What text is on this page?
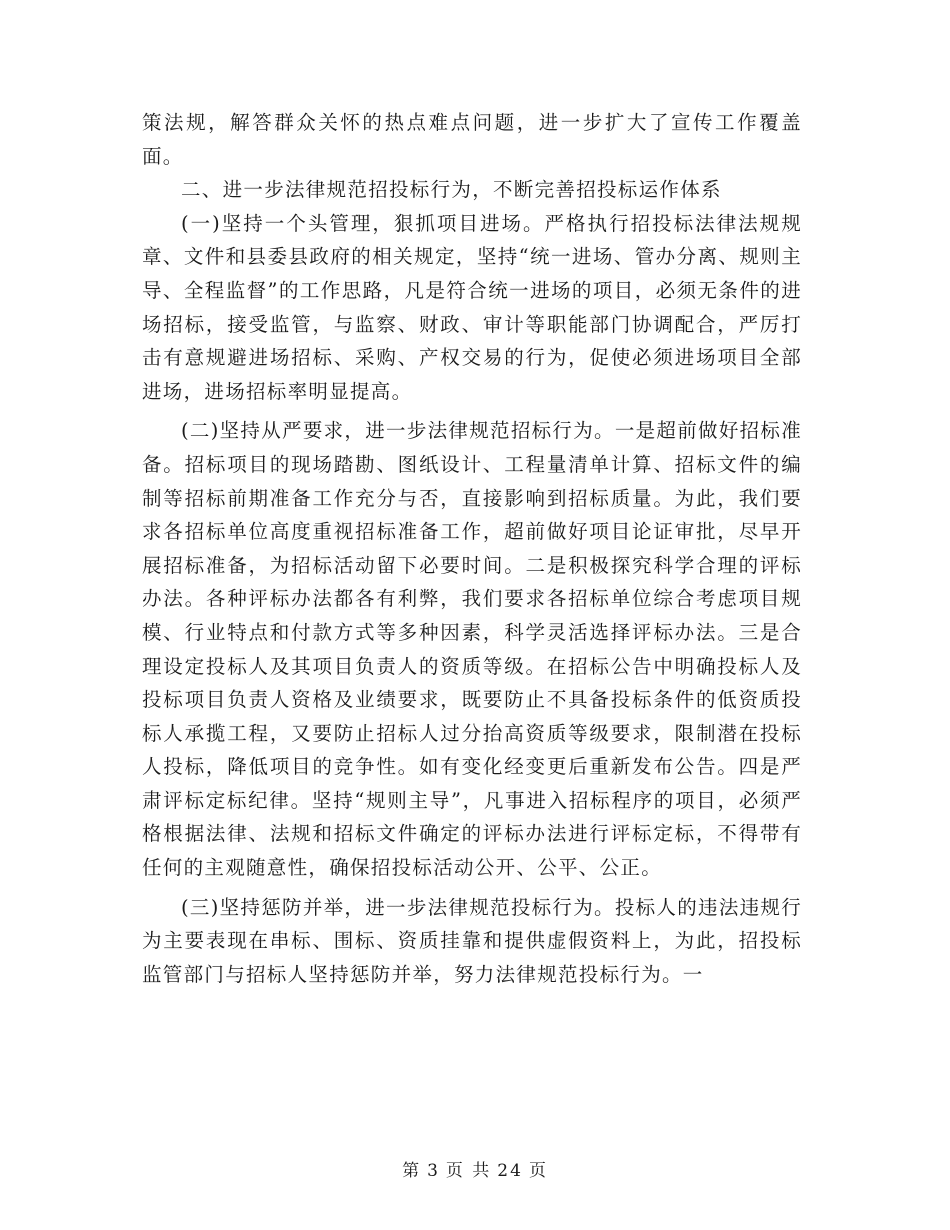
策法规，解答群众关怀的热点难点问题，进一步扩大了宣传工作覆盖面。

二、进一步法律规范招投标行为，不断完善招投标运作体系

(一)坚持一个头管理，狠抓项目进场。严格执行招投标法律法规规章、文件和县委县政府的相关规定，坚持“统一进场、管办分离、规则主导、全程监督”的工作思路，凡是符合统一进场的项目，必须无条件的进场招标，接受监管，与监察、财政、审计等职能部门协调配合，严厉打击有意规避进场招标、采购、产权交易的行为，促使必须进场项目全部进场，进场招标率明显提高。

(二)坚持从严要求，进一步法律规范招标行为。一是超前做好招标准备。招标项目的现场踏勘、图纸设计、工程量清单计算、招标文件的编制等招标前期准备工作充分与否，直接影响到招标质量。为此，我们要求各招标单位高度重视招标准备工作，超前做好项目论证审批，尽早开展招标准备，为招标活动留下必要时间。二是积极探究科学合理的评标办法。各种评标办法都各有利弊，我们要求各招标单位综合考虑项目规模、行业特点和付款方式等多种因素，科学灵活选择评标办法。三是合理设定投标人及其项目负责人的资质等级。在招标公告中明确投标人及投标项目负责人资格及业绩要求，既要防止不具备投标条件的低资质投标人承揽工程，又要防止招标人过分抬高资质等级要求，限制潜在投标人投标，降低项目的竞争性。如有变化经变更后重新发布公告。四是严肃评标定标纪律。坚持“规则主导”，凡事进入招标程序的项目，必须严格根据法律、法规和招标文件确定的评标办法进行评标定标，不得带有任何的主观随意性，确保招投标活动公开、公平、公正。

(三)坚持惩防并举，进一步法律规范投标行为。投标人的违法违规行为主要表现在串标、围标、资质挂靠和提供虚假资料上，为此，招投标监管部门与招标人坚持惩防并举，努力法律规范投标行为。一

第 3 页 共 24 页
